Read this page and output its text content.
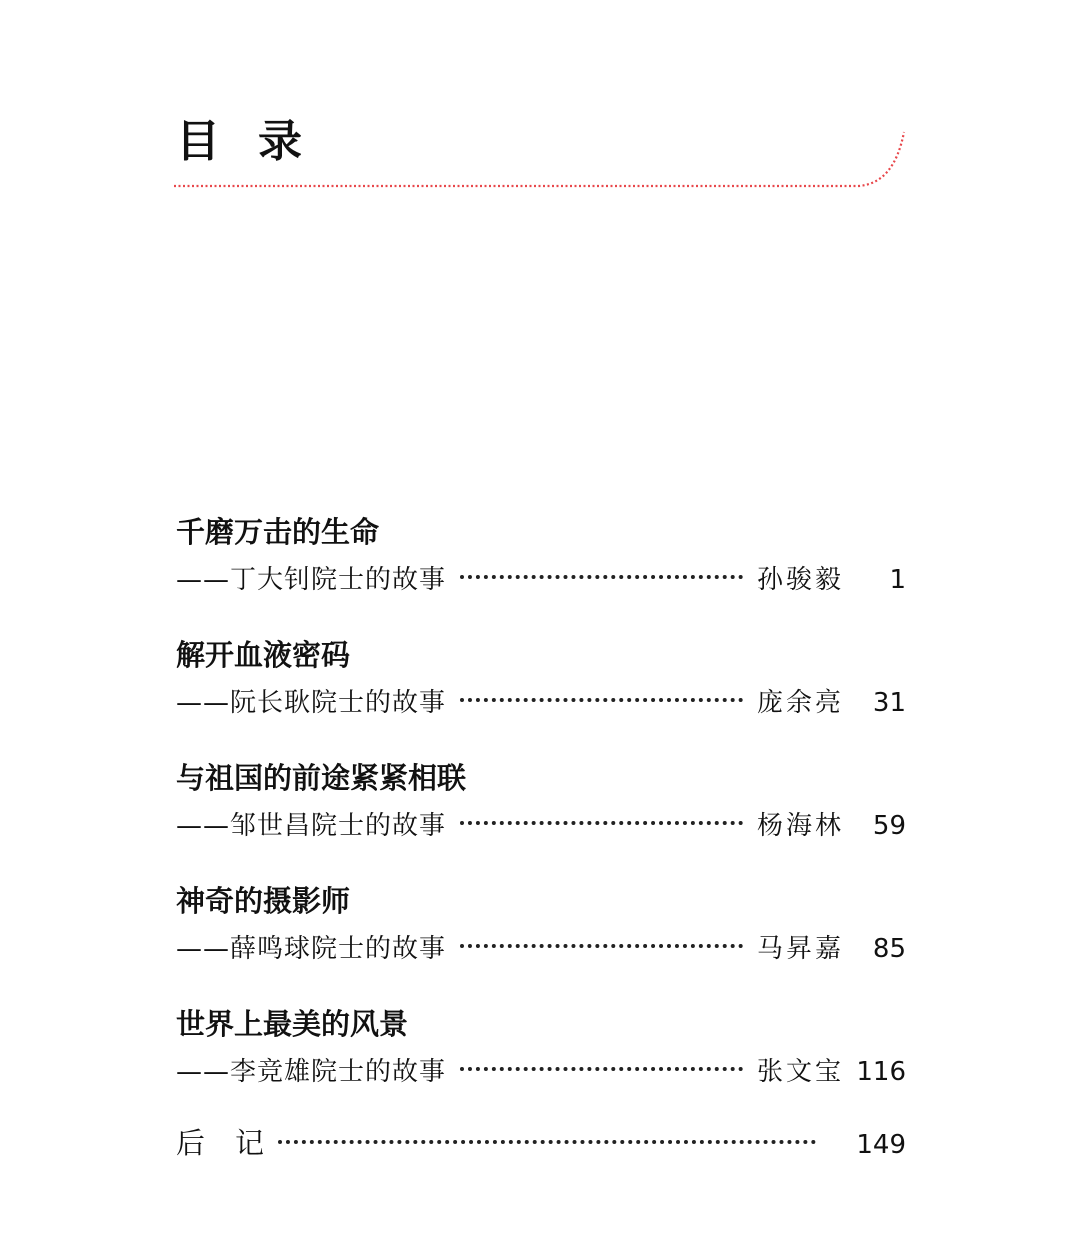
目 录
千磨万击的生命
——丁大钊院士的故事	孙骏毅	1
解开血液密码
——阮长耿院士的故事	庞余亮	31
与祖国的前途紧紧相联
——邹世昌院士的故事	杨海林	59
神奇的摄影师
——薛鸣球院士的故事	马昇嘉	85
世界上最美的风景
——李竞雄院士的故事	张文宝 116
后 记	149
